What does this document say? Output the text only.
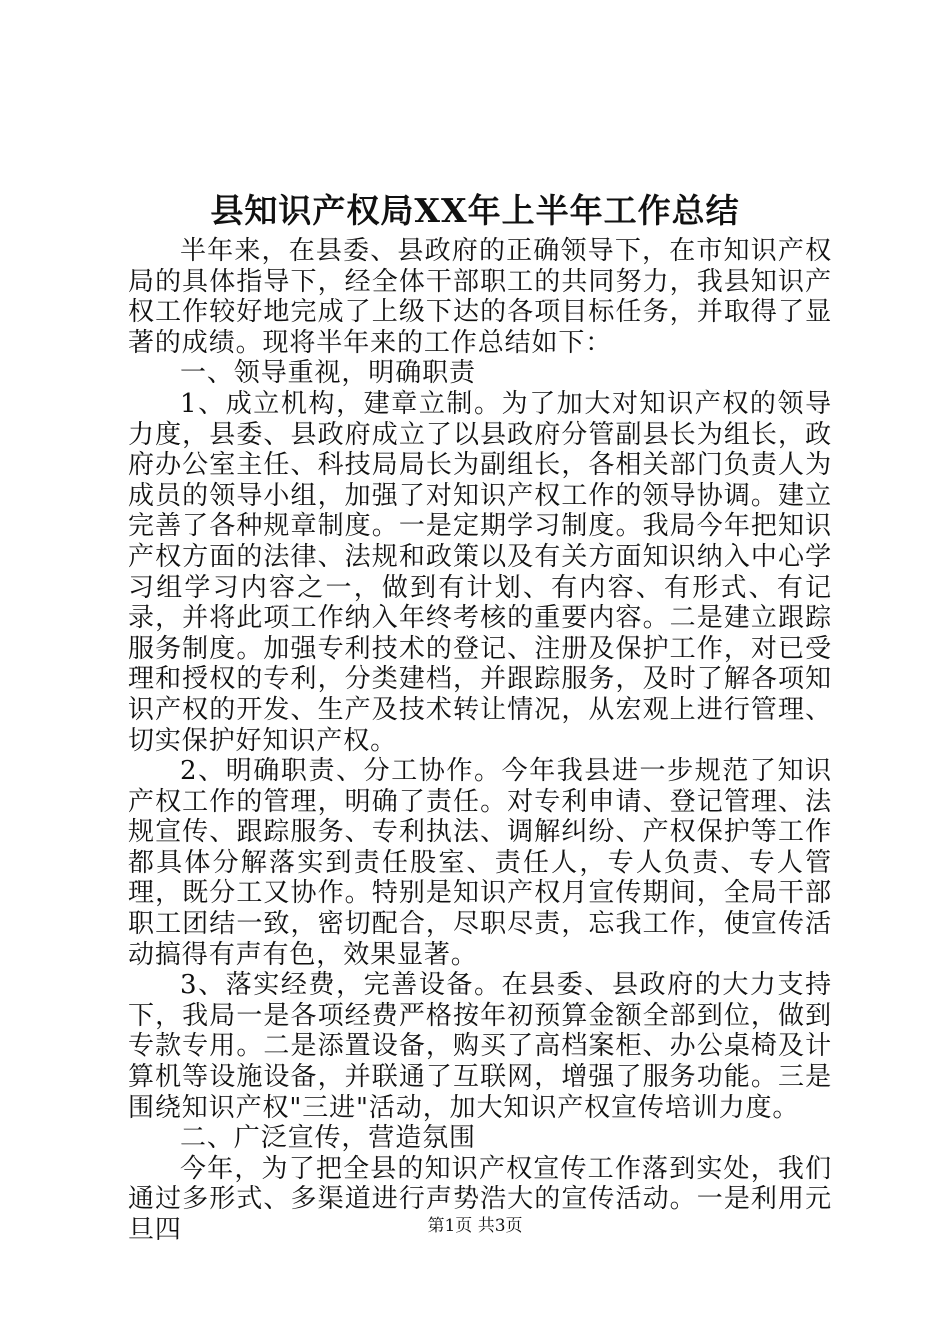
县知识产权局XX年上半年工作总结

半年来，在县委、县政府的正确领导下，在市知识产权局的具体指导下，经全体干部职工的共同努力，我县知识产权工作较好地完成了上级下达的各项目标任务，并取得了显著的成绩。现将半年来的工作总结如下：

一、领导重视，明确职责

1、成立机构，建章立制。为了加大对知识产权的领导力度，县委、县政府成立了以县政府分管副县长为组长，政府办公室主任、科技局局长为副组长，各相关部门负责人为成员的领导小组，加强了对知识产权工作的领导协调。建立完善了各种规章制度。一是定期学习制度。我局今年把知识产权方面的法律、法规和政策以及有关方面知识纳入中心学习组学习内容之一，做到有计划、有内容、有形式、有记录，并将此项工作纳入年终考核的重要内容。二是建立跟踪服务制度。加强专利技术的登记、注册及保护工作，对已受理和授权的专利，分类建档，并跟踪服务，及时了解各项知识产权的开发、生产及技术转让情况，从宏观上进行管理、切实保护好知识产权。

2、明确职责、分工协作。今年我县进一步规范了知识产权工作的管理，明确了责任。对专利申请、登记管理、法规宣传、跟踪服务、专利执法、调解纠纷、产权保护等工作都具体分解落实到责任股室、责任人，专人负责、专人管理，既分工又协作。特别是知识产权月宣传期间，全局干部职工团结一致，密切配合，尽职尽责，忘我工作，使宣传活动搞得有声有色，效果显著。

3、落实经费，完善设备。在县委、县政府的大力支持下，我局一是各项经费严格按年初预算金额全部到位，做到专款专用。二是添置设备，购买了高档案柜、办公桌椅及计算机等设施设备，并联通了互联网，增强了服务功能。三是围绕知识产权"三进"活动，加大知识产权宣传培训力度。

二、广泛宣传，营造氛围

今年，为了把全县的知识产权宣传工作落到实处，我们通过多形式、多渠道进行声势浩大的宣传活动。一是利用元旦四	第1页 共3页
